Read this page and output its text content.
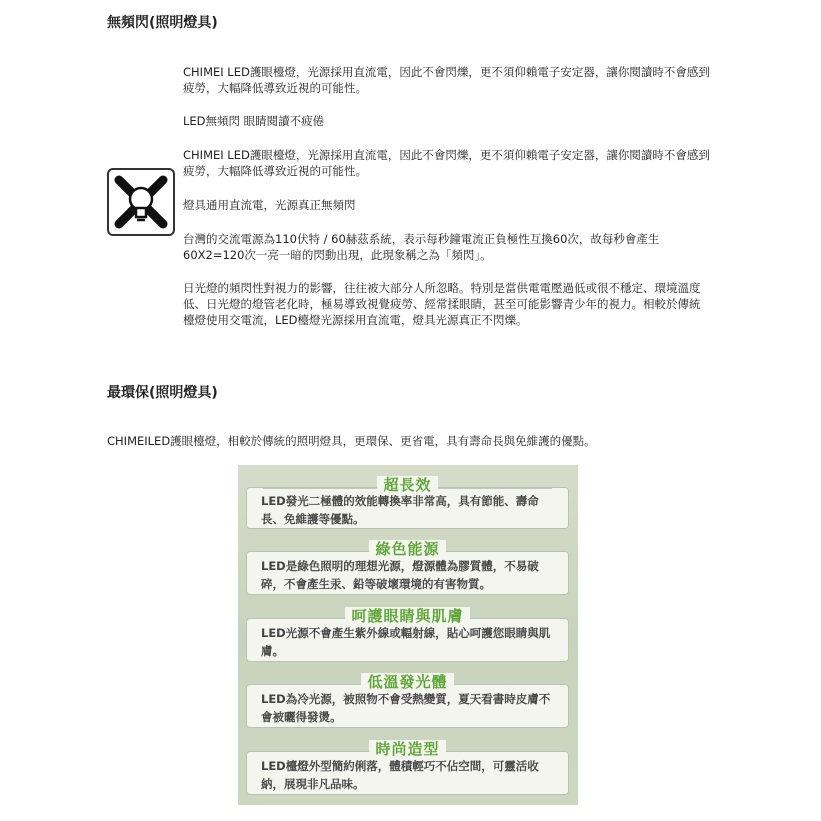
無頻閃(照明燈具)
CHIMEI LED護眼檯燈，光源採用直流電，因此不會閃爍，更不須仰賴電子安定器，讓你閱讀時不會感到疲勞，大幅降低導致近視的可能性。
LED無頻閃 眼睛閱讀不疲倦
CHIMEI LED護眼檯燈，光源採用直流電，因此不會閃爍，更不須仰賴電子安定器，讓你閱讀時不會感到疲勞，大幅降低導致近視的可能性。
燈具通用直流電，光源真正無頻閃
台灣的交流電源為110伏特 / 60赫茲系統，表示每秒鐘電流正負極性互換60次，故每秒會產生60X2=120次一亮一暗的閃動出現，此現象稱之為「頻閃」。
日光燈的頻閃性對視力的影響，往往被大部分人所忽略。特別是當供電電壓過低或很不穩定、環境溫度低、日光燈的燈管老化時，極易導致視覺疲勞、經常揉眼睛，甚至可能影響青少年的視力。相較於傳統檯燈使用交電流，LED檯燈光源採用直流電，燈具光源真正不閃爍。
最環保(照明燈具)
CHIMEILED護眼檯燈，相較於傳統的照明燈具，更環保、更省電，具有壽命長與免維護的優點。
超長效
LED發光二極體的效能轉換率非常高，具有節能、壽命長、免維護等優點。
綠色能源
LED是綠色照明的理想光源，燈源體為膠質體，不易破碎，不會產生汞、鉛等破壞環境的有害物質。
呵護眼睛與肌膚
LED光源不會產生紫外線或輻射線，貼心呵護您眼睛與肌膚。
低溫發光體
LED為冷光源，被照物不會受熱變質，夏天看書時皮膚不會被曬得發燙。
時尚造型
LED檯燈外型簡約俐落，體積輕巧不佔空間，可靈活收納，展現非凡品味。
